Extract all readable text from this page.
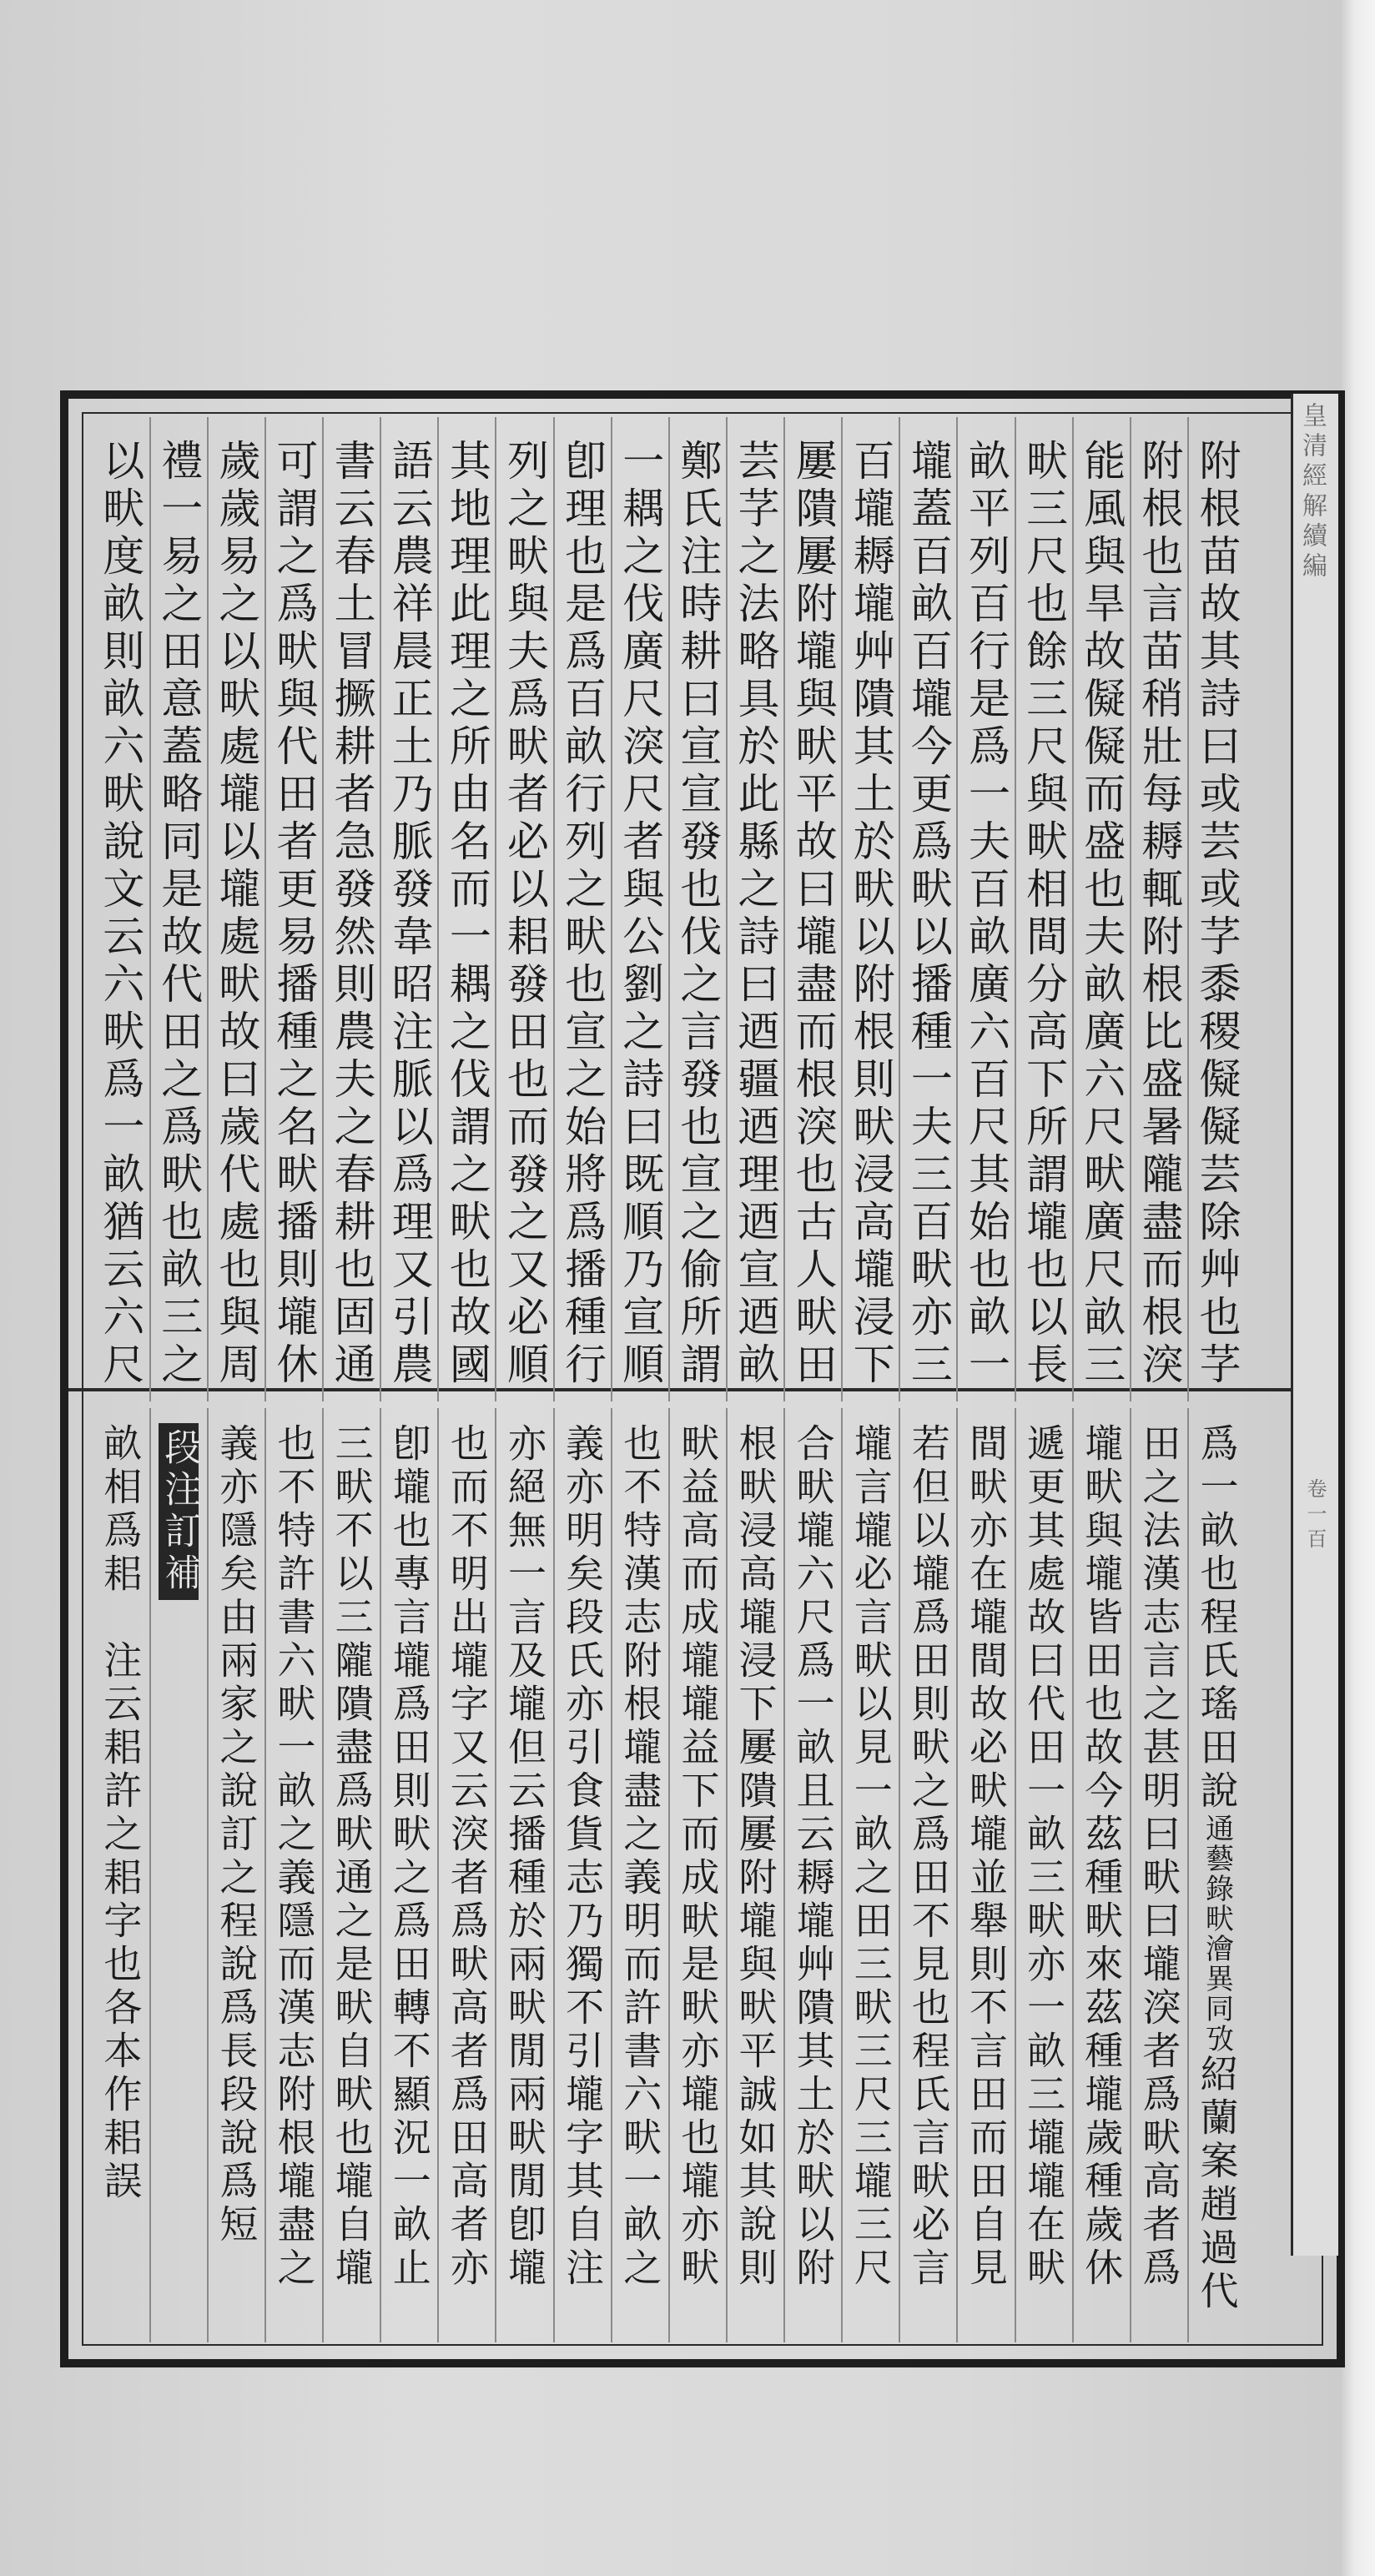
皇清經解續編
卷一百
附根苗故其詩曰或芸或芓黍稷儗儗芸除艸也芓
附根也言苗稍壯每耨輒附根比盛暑隴盡而根湥
能風與旱故儗儗而盛也夫畝廣六尺畎廣尺畝三
畎三尺也餘三尺與畎相間分高下所謂壠也以長
畝平列百行是爲一夫百畝廣六百尺其始也畝一
壠蓋百畝百壠今更爲畎以播種一夫三百畎亦三
百壠耨壠艸隤其土於畎以附根則畎浸高壠浸下
屢隤屢附壠與畎平故曰壠盡而根湥也古人畎田
芸芓之法略具於此縣之詩曰迺疆迺理迺宣迺畝
鄭氏注時耕曰宣宣發也伐之言發也宣之偷所謂
一耦之伐廣尺湥尺者與公劉之詩曰既順乃宣順
卽理也是爲百畝行列之畎也宣之始將爲播種行
列之畎與夫爲畎者必以耜發田也而發之又必順
其地理此理之所由名而一耦之伐謂之畎也故國
語云農祥晨正土乃脈發韋昭注脈以爲理又引農
書云春土冒撅耕者急發然則農夫之春耕也固通
可謂之爲畎與代田者更易播種之名畎播則壠休
歲歲易之以畎處壠以壠處畎故曰歲代處也與周
禮一易之田意蓋略同是故代田之爲畎也畝三之
以畎度畝則畝六畎說文云六畎爲一畝猶云六尺
爲一畝也程氏瑤田說通藝錄畎澮異同攷紹蘭案趙過代
田之法漢志言之甚明曰畎曰壠湥者爲畎高者爲
壠畎與壠皆田也故今茲種畎來茲種壠歲種歲休
遞更其處故曰代田一畝三畎亦一畝三壠壠在畎
間畎亦在壠間故必畎壠並舉則不言田而田自見
若但以壠爲田則畎之爲田不見也程氏言畎必言
壠言壠必言畎以見一畝之田三畎三尺三壠三尺
合畎壠六尺爲一畝且云耨壠艸隤其土於畎以附
根畎浸高壠浸下屢隤屢附壠與畎平誠如其說則
畎益高而成壠壠益下而成畎是畎亦壠也壠亦畎
也不特漢志附根壠盡之義明而許書六畎一畝之
義亦明矣段氏亦引食貨志乃獨不引壠字其自注
亦絕無一言及壠但云播種於兩畎閒兩畎閒卽壠
也而不明出壠字又云湥者爲畎高者爲田高者亦
卽壠也專言壠爲田則畎之爲田轉不顯況一畝止
三畎不以三隴隤盡爲畎通之是畎自畎也壠自壠
也不特許書六畎一畝之義隱而漢志附根壠盡之
義亦隱矣由兩家之說訂之程說爲長段說爲短
段注訂補
畝相爲耜　注云耜許之耜字也各本作耜誤
